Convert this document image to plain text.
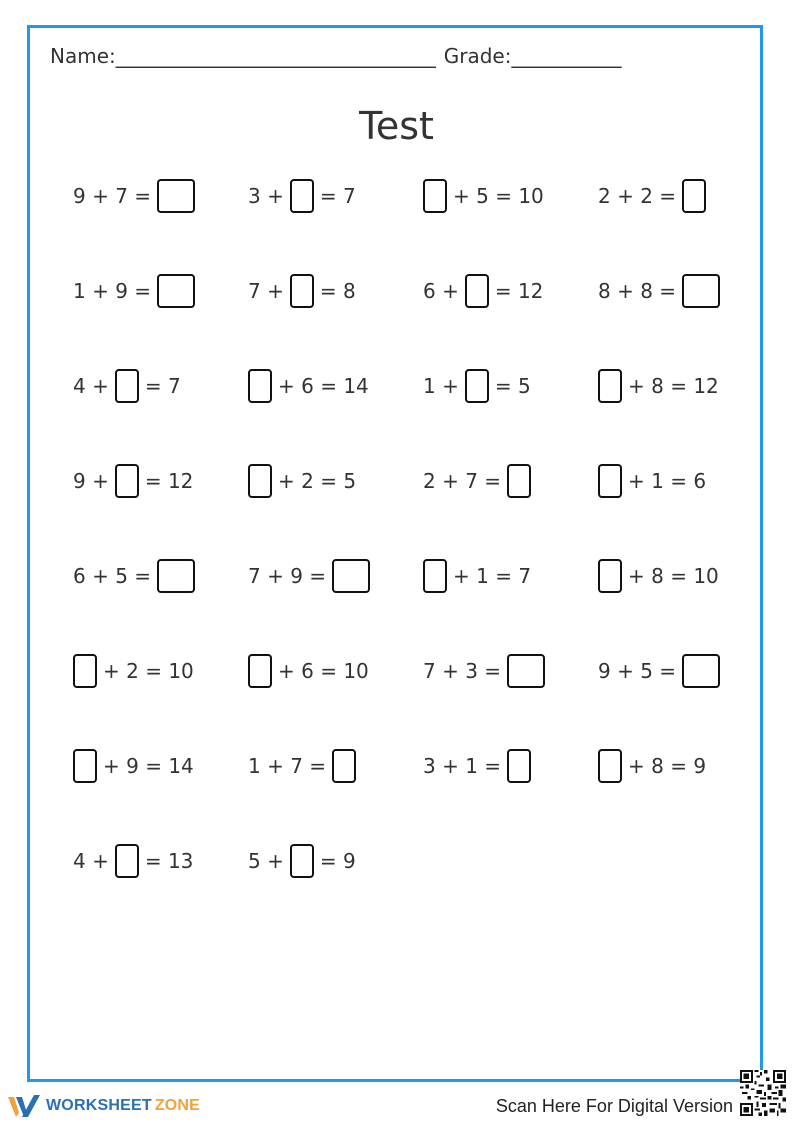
Name:________________________________ Grade:___________
Test
9 + 7 =	3 + = 7	+ 5 = 10	2 + 2 =
1 + 9 =	7 + = 8	6 + = 12	8 + 8 =
4 + = 7	+ 6 = 14	1 + = 5	+ 8 = 12
9 + = 12	+ 2 = 5	2 + 7 =	+ 1 = 6
6 + 5 =	7 + 9 =	+ 1 = 7	+ 8 = 10
+ 2 = 10	+ 6 = 10	7 + 3 =	9 + 5 =
+ 9 = 14	1 + 7 =	3 + 1 =	+ 8 = 9
4 + = 13	5 + = 9
WORKSHEET ZONE	Scan Here For Digital Version
